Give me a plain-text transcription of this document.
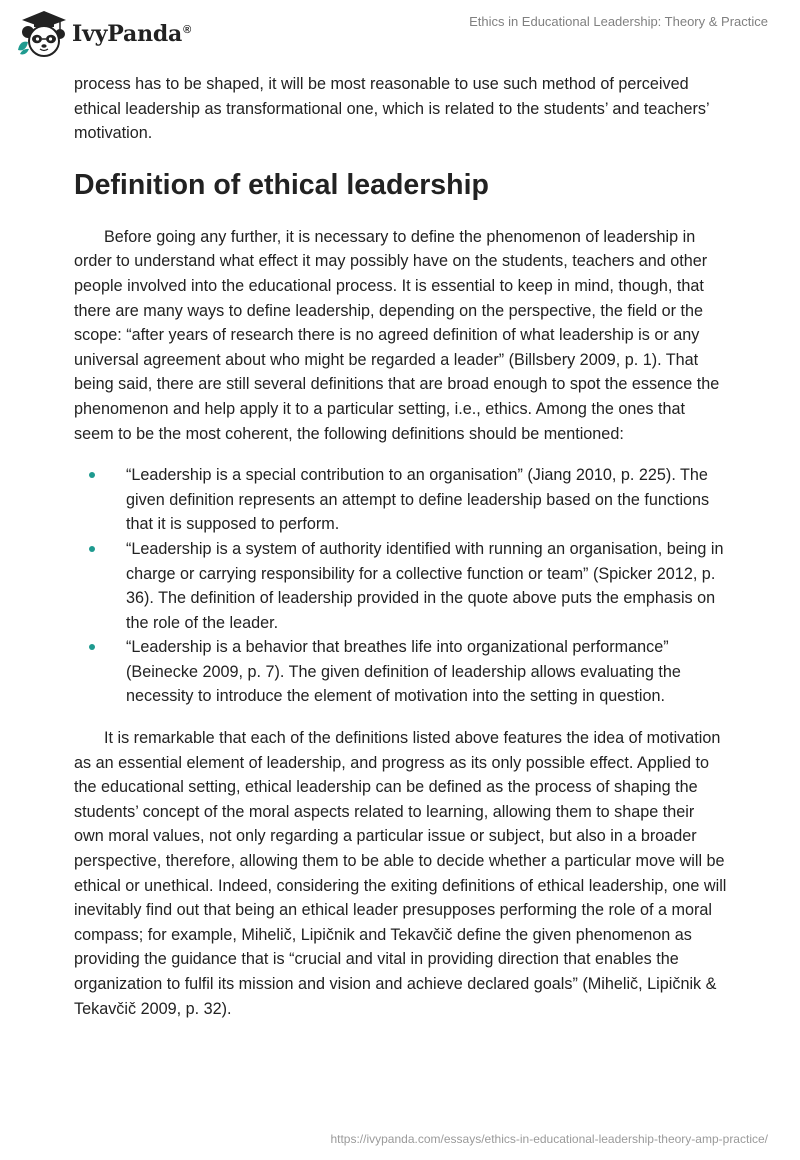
IvyPanda®
Ethics in Educational Leadership: Theory & Practice

process has to be shaped, it will be most reasonable to use such method of perceived ethical leadership as transformational one, which is related to the students’ and teachers’ motivation.

Definition of ethical leadership

Before going any further, it is necessary to define the phenomenon of leadership in order to understand what effect it may possibly have on the students, teachers and other people involved into the educational process. It is essential to keep in mind, though, that there are many ways to define leadership, depending on the perspective, the field or the scope: “after years of research there is no agreed definition of what leadership is or any universal agreement about who might be regarded a leader” (Billsbery 2009, p. 1). That being said, there are still several definitions that are broad enough to spot the essence the phenomenon and help apply it to a particular setting, i.e., ethics. Among the ones that seem to be the most coherent, the following definitions should be mentioned:

“Leadership is a special contribution to an organisation” (Jiang 2010, p. 225). The given definition represents an attempt to define leadership based on the functions that it is supposed to perform.
“Leadership is a system of authority identified with running an organisation, being in charge or carrying responsibility for a collective function or team” (Spicker 2012, p. 36). The definition of leadership provided in the quote above puts the emphasis on the role of the leader.
“Leadership is a behavior that breathes life into organizational performance” (Beinecke 2009, p. 7). The given definition of leadership allows evaluating the necessity to introduce the element of motivation into the setting in question.

It is remarkable that each of the definitions listed above features the idea of motivation as an essential element of leadership, and progress as its only possible effect. Applied to the educational setting, ethical leadership can be defined as the process of shaping the students’ concept of the moral aspects related to learning, allowing them to shape their own moral values, not only regarding a particular issue or subject, but also in a broader perspective, therefore, allowing them to be able to decide whether a particular move will be ethical or unethical. Indeed, considering the exiting definitions of ethical leadership, one will inevitably find out that being an ethical leader presupposes performing the role of a moral compass; for example, Mihelič, Lipičnik and Tekavčič define the given phenomenon as providing the guidance that is “crucial and vital in providing direction that enables the organization to fulfil its mission and vision and achieve declared goals” (Mihelič, Lipičnik & Tekavčič 2009, p. 32).

https://ivypanda.com/essays/ethics-in-educational-leadership-theory-amp-practice/
